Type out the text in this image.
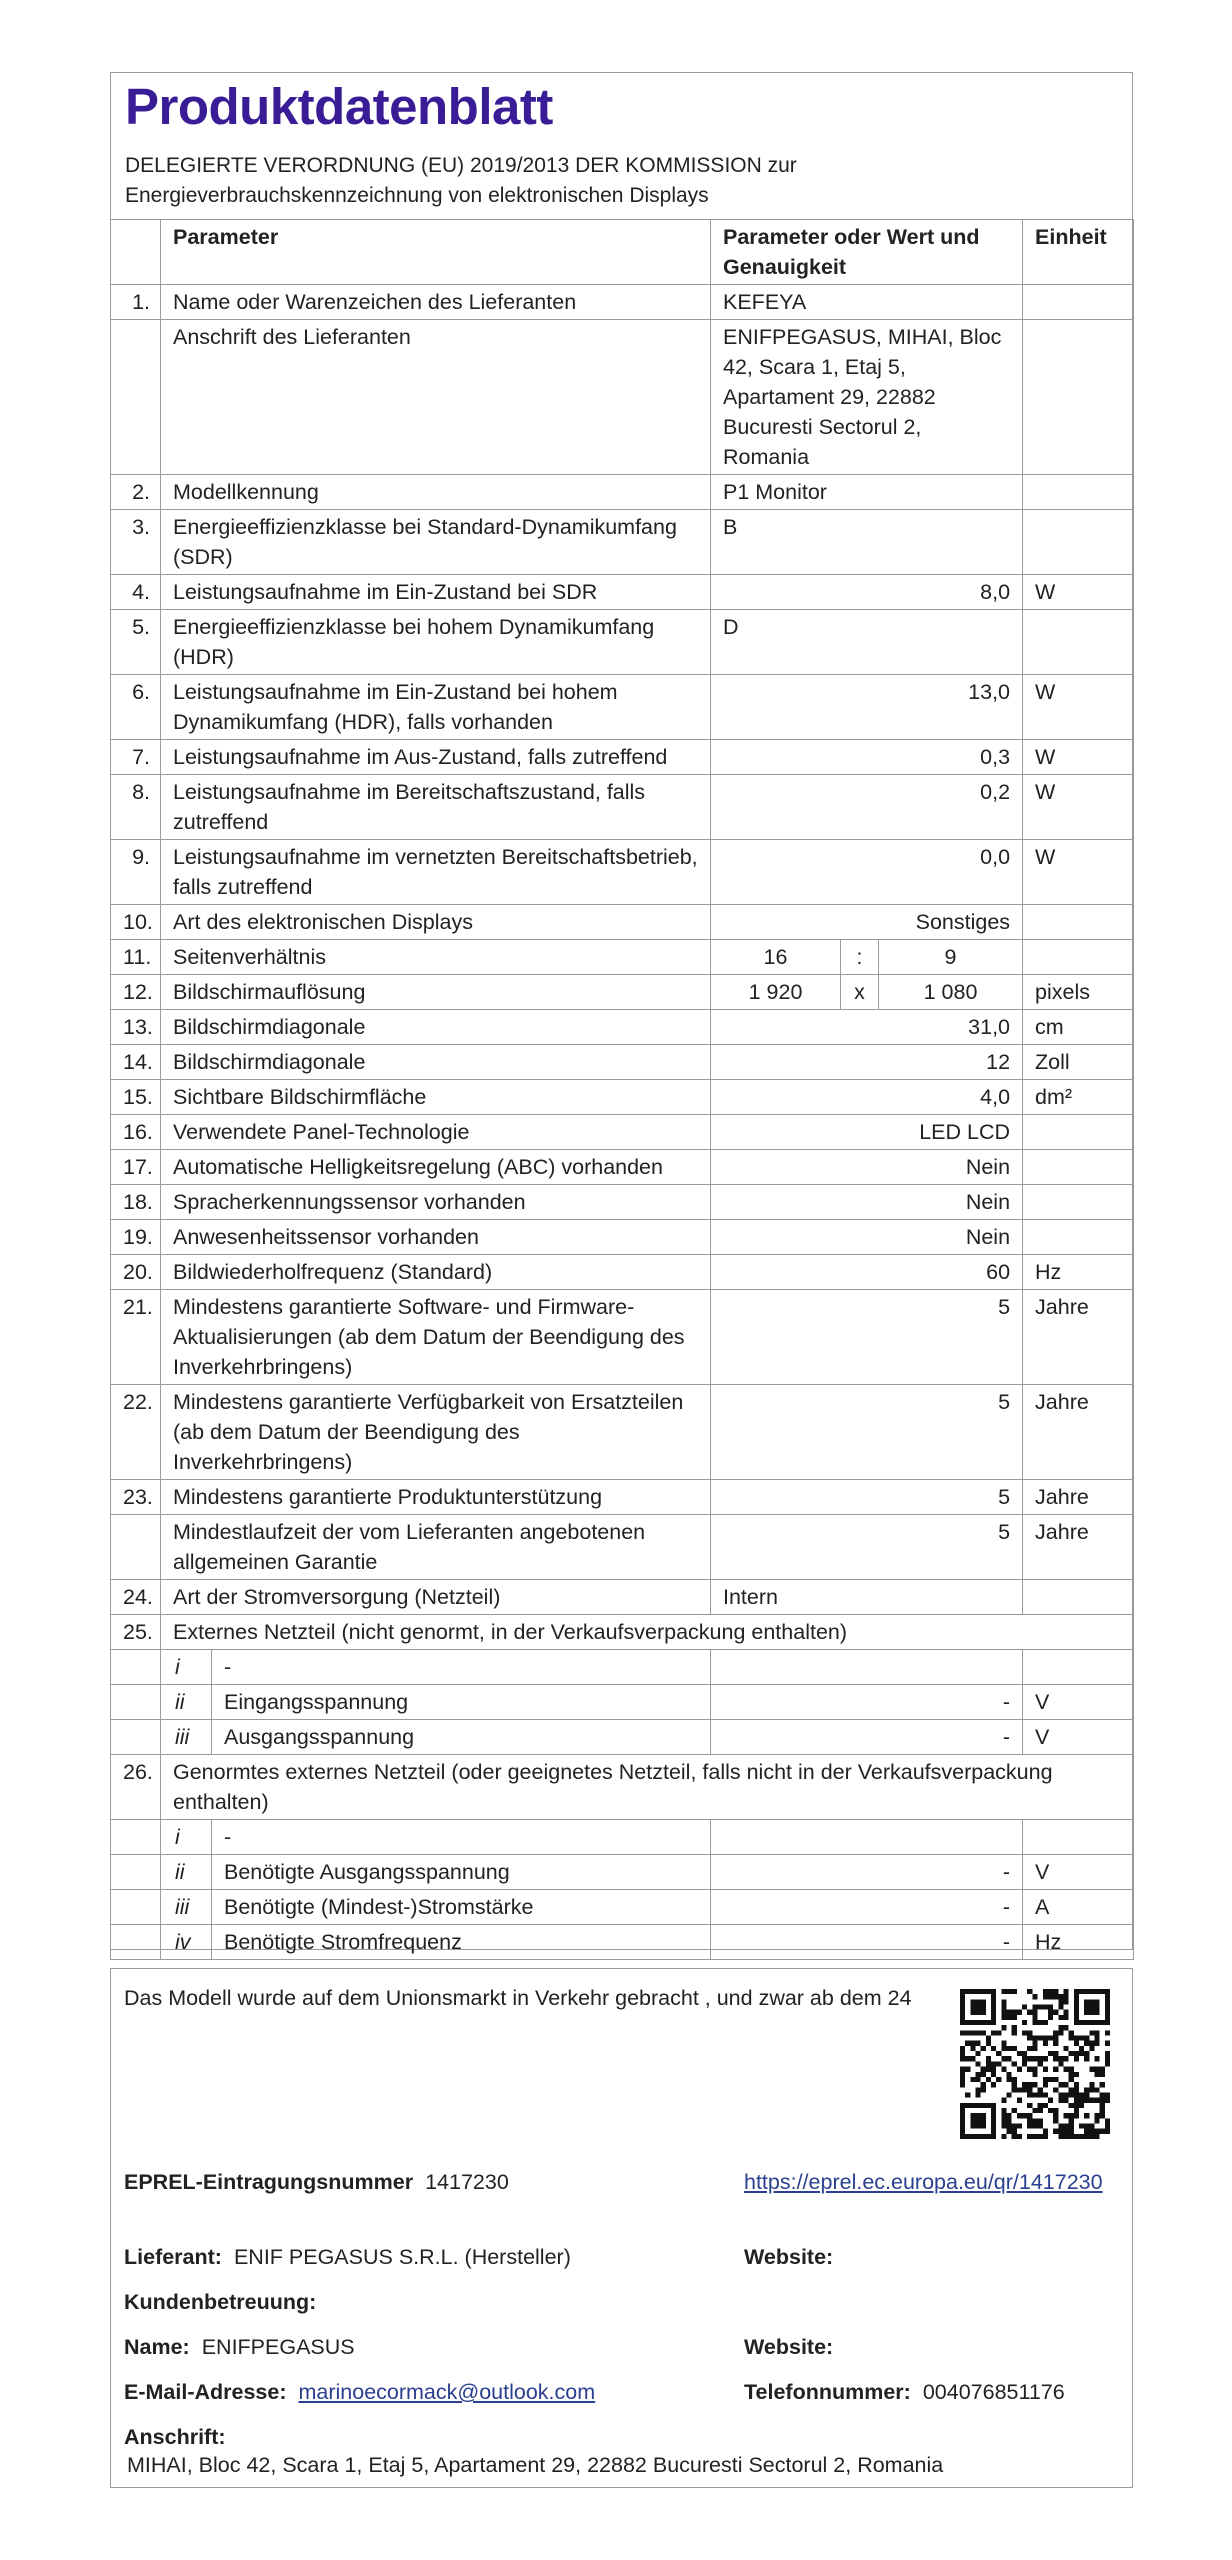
Produktdatenblatt
DELEGIERTE VERORDNUNG (EU) 2019/2013 DER KOMMISSION zur Energieverbrauchskennzeichnung von elektronischen Displays
	Parameter		Parameter oder Wert und Genauigkeit			Einheit
1.	Name oder Warenzeichen des Lieferanten		KEFEYA			
	Anschrift des Lieferanten		ENIFPEGASUS, MIHAI, Bloc 42, Scara 1, Etaj 5, Apartament 29, 22882 Bucuresti Sectorul 2, Romania			
2.	Modellkennung		P1 Monitor			
3.	Energieeffizienzklasse bei Standard-Dynamikumfang (SDR)		B			
4.	Leistungsaufnahme im Ein-Zustand bei SDR		8,0			W
5.	Energieeffizienzklasse bei hohem Dynamikumfang (HDR)		D			
6.	Leistungsaufnahme im Ein-Zustand bei hohem Dynamikumfang (HDR), falls vorhanden		13,0			W
7.	Leistungsaufnahme im Aus-Zustand, falls zutreffend		0,3			W
8.	Leistungsaufnahme im Bereitschaftszustand, falls zutreffend		0,2			W
9.	Leistungsaufnahme im vernetzten Bereitschaftsbetrieb, falls zutreffend		0,0			W
10.	Art des elektronischen Displays		Sonstiges			
11.	Seitenverhältnis		16	:	9	
12.	Bildschirmauflösung		1 920	x	1 080	pixels
13.	Bildschirmdiagonale		31,0			cm
14.	Bildschirmdiagonale		12			Zoll
15.	Sichtbare Bildschirmfläche		4,0			dm²
16.	Verwendete Panel-Technologie		LED LCD			
17.	Automatische Helligkeitsregelung (ABC) vorhanden		Nein			
18.	Spracherkennungssensor vorhanden		Nein			
19.	Anwesenheitssensor vorhanden		Nein			
20.	Bildwiederholfrequenz (Standard)		60			Hz
21.	Mindestens garantierte Software- und Firmware-Aktualisierungen (ab dem Datum der Beendigung des Inverkehrbringens)		5			Jahre
22.	Mindestens garantierte Verfügbarkeit von Ersatzteilen (ab dem Datum der Beendigung des Inverkehrbringens)		5			Jahre
23.	Mindestens garantierte Produktunterstützung		5			Jahre
	Mindestlaufzeit der vom Lieferanten angebotenen allgemeinen Garantie		5			Jahre
24.	Art der Stromversorgung (Netzteil)		Intern			
25.	Externes Netzteil (nicht genormt, in der Verkaufsverpackung enthalten)					
	i	-				
	ii	Eingangsspannung	-			V
	iii	Ausgangsspannung	-			V
26.	Genormtes externes Netzteil (oder geeignetes Netzteil, falls nicht in der Verkaufsverpackung enthalten)					
	i	-				
	ii	Benötigte Ausgangsspannung	-			V
	iii	Benötigte (Mindest-)Stromstärke	-			A
	iv	Benötigte Stromfrequenz	-			Hz
Das Modell wurde auf dem Unionsmarkt in Verkehr gebracht , und zwar ab dem 24
EPREL-Eintragungsnummer 1417230	https://eprel.ec.europa.eu/qr/1417230
Lieferant: ENIF PEGASUS S.R.L. (Hersteller)	Website:
Kundenbetreuung:
Name: ENIFPEGASUS	Website:
E-Mail-Adresse: marinoecormack@outlook.com	Telefonnummer: 004076851176
Anschrift:
MIHAI, Bloc 42, Scara 1, Etaj 5, Apartament 29, 22882 Bucuresti Sectorul 2, Romania
